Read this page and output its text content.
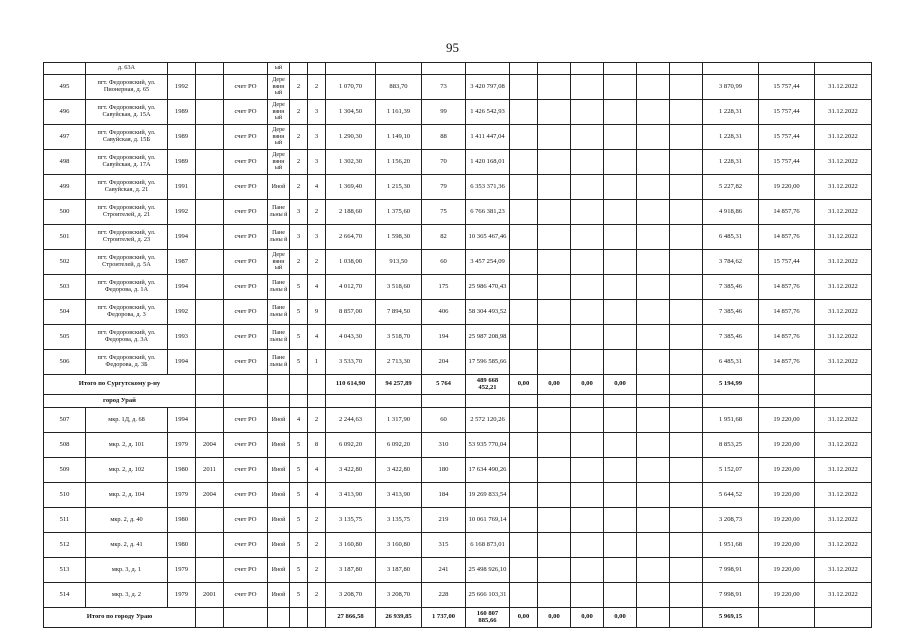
95
	д. 63А				ый															
495	пгт. Федоровский, ул. Пионерная, д. 65	1992		счет РО	Дере вянн ый	2	2	1 070,70	883,70	73	3 420 797,08							3 870,99	15 757,44	31.12.2022
496	пгт. Федоровский, ул. Савуйская, д. 15А	1989		счет РО	Дере вянн ый	2	3	1 304,50	1 161,39	99	1 426 542,93							1 228,31	15 757,44	31.12.2022
497	пгт. Федоровский, ул. Савуйская, д. 15Б	1989		счет РО	Дере вянн ый	2	3	1 290,30	1 149,10	88	1 411 447,04							1 228,31	15 757,44	31.12.2022
498	пгт. Федоровский, ул. Савуйская, д. 17А	1989		счет РО	Дере вянн ый	2	3	1 302,30	1 156,20	70	1 420 168,01							1 228,31	15 757,44	31.12.2022
499	пгт. Федоровский, ул. Савуйская, д. 21	1991		счет РО	Иной	2	4	1 369,40	1 215,30	79	6 353 371,36							5 227,82	19 220,00	31.12.2022
500	пгт. Федоровский, ул. Строителей, д. 21	1992		счет РО	Пане льны й	3	2	2 188,60	1 375,60	75	6 766 381,23							4 918,86	14 857,76	31.12.2022
501	пгт. Федоровский, ул. Строителей, д. 23	1994		счет РО	Пане льны й	3	3	2 664,70	1 598,30	82	10 365 467,46							6 485,31	14 857,76	31.12.2022
502	пгт. Федоровский, ул. Строителей, д. 5А	1987		счет РО	Дере вянн ый	2	2	1 038,00	913,50	60	3 457 254,09							3 784,62	15 757,44	31.12.2022
503	пгт. Федоровский, ул. Федорова, д. 1А	1994		счет РО	Пане льны й	5	4	4 012,70	3 518,60	175	25 986 470,43							7 385,46	14 857,76	31.12.2022
504	пгт. Федоровский, ул. Федорова, д. 3	1992		счет РО	Пане льны й	5	9	8 857,00	7 894,50	406	58 304 493,52							7 385,46	14 857,76	31.12.2022
505	пгт. Федоровский, ул. Федорова, д. 3А	1993		счет РО	Пане льны й	5	4	4 043,30	3 518,70	194	25 987 208,98							7 385,46	14 857,76	31.12.2022
506	пгт. Федоровский, ул. Федорова, д. 3Б	1994		счет РО	Пане льны й	5	1	3 533,70	2 713,30	204	17 596 585,66							6 485,31	14 857,76	31.12.2022
Итого по Сургутскому р-ну								110 614,90	94 257,89	5 764	489 668 452,21	0,00	0,00	0,00	0,00			5 194,99		
город Урай																				
507	мкр. 1Д, д. 68	1994		счет РО	Иной	4	2	2 244,63	1 317,90	60	2 572 120,26							1 951,68	19 220,00	31.12.2022
508	мкр. 2, д. 101	1979	2004	счет РО	Иной	5	8	6 092,20	6 092,20	310	53 935 770,04							8 853,25	19 220,00	31.12.2022
509	мкр. 2, д. 102	1980	2011	счет РО	Иной	5	4	3 422,80	3 422,80	180	17 634 490,26							5 152,07	19 220,00	31.12.2022
510	мкр. 2, д. 104	1979	2004	счет РО	Иной	5	4	3 413,90	3 413,90	184	19 269 833,54							5 644,52	19 220,00	31.12.2022
511	мкр. 2, д. 40	1980		счет РО	Иной	5	2	3 135,75	3 135,75	219	10 061 769,14							3 208,73	19 220,00	31.12.2022
512	мкр. 2, д. 41	1980		счет РО	Иной	5	2	3 160,80	3 160,80	315	6 168 873,01							1 951,68	19 220,00	31.12.2022
513	мкр. 3, д. 1	1979		счет РО	Иной	5	2	3 187,80	3 187,80	241	25 498 926,10							7 998,91	19 220,00	31.12.2022
514	мкр. 3, д. 2	1979	2001	счет РО	Иной	5	2	3 208,70	3 208,70	228	25 666 103,31							7 998,91	19 220,00	31.12.2022
Итого по городу Ураю								27 866,58	26 939,85	1 737,00	160 807 885,66	0,00	0,00	0,00	0,00			5 969,15		
